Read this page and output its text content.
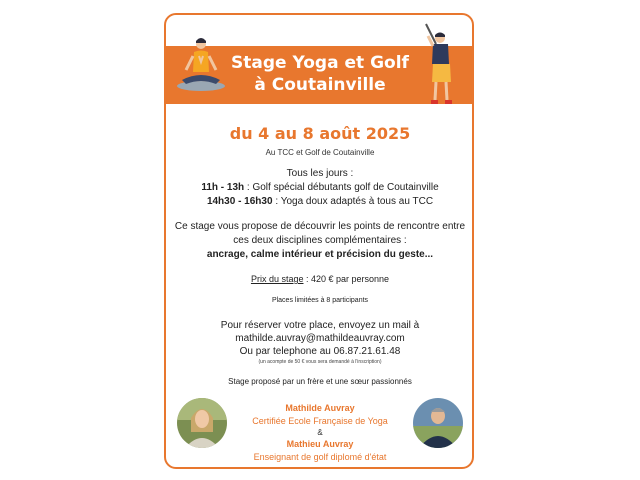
Stage Yoga et Golf
à Coutainville
du 4 au 8 août 2025
Au TCC et Golf de Coutainville
Tous les jours :
11h - 13h : Golf spécial débutants golf de Coutainville
14h30 - 16h30 : Yoga doux adaptés à tous au TCC
Ce stage vous propose de découvrir les points de rencontre entre
ces deux disciplines complémentaires :
ancrage, calme intérieur et précision du geste...
Prix du stage : 420 € par personne
Places limitées à 8 participants
Pour réserver votre place, envoyez un mail à
mathilde.auvray@mathildeauvray.com
Ou par telephone au 06.87.21.61.48
(un acompte de 50 € vous sera demandé à l'inscription)
Stage proposé par un frère et une sœur passionnés
Mathilde Auvray
Certifiée Ecole Française de Yoga
&
Mathieu Auvray
Enseignant de golf diplomé d'état
